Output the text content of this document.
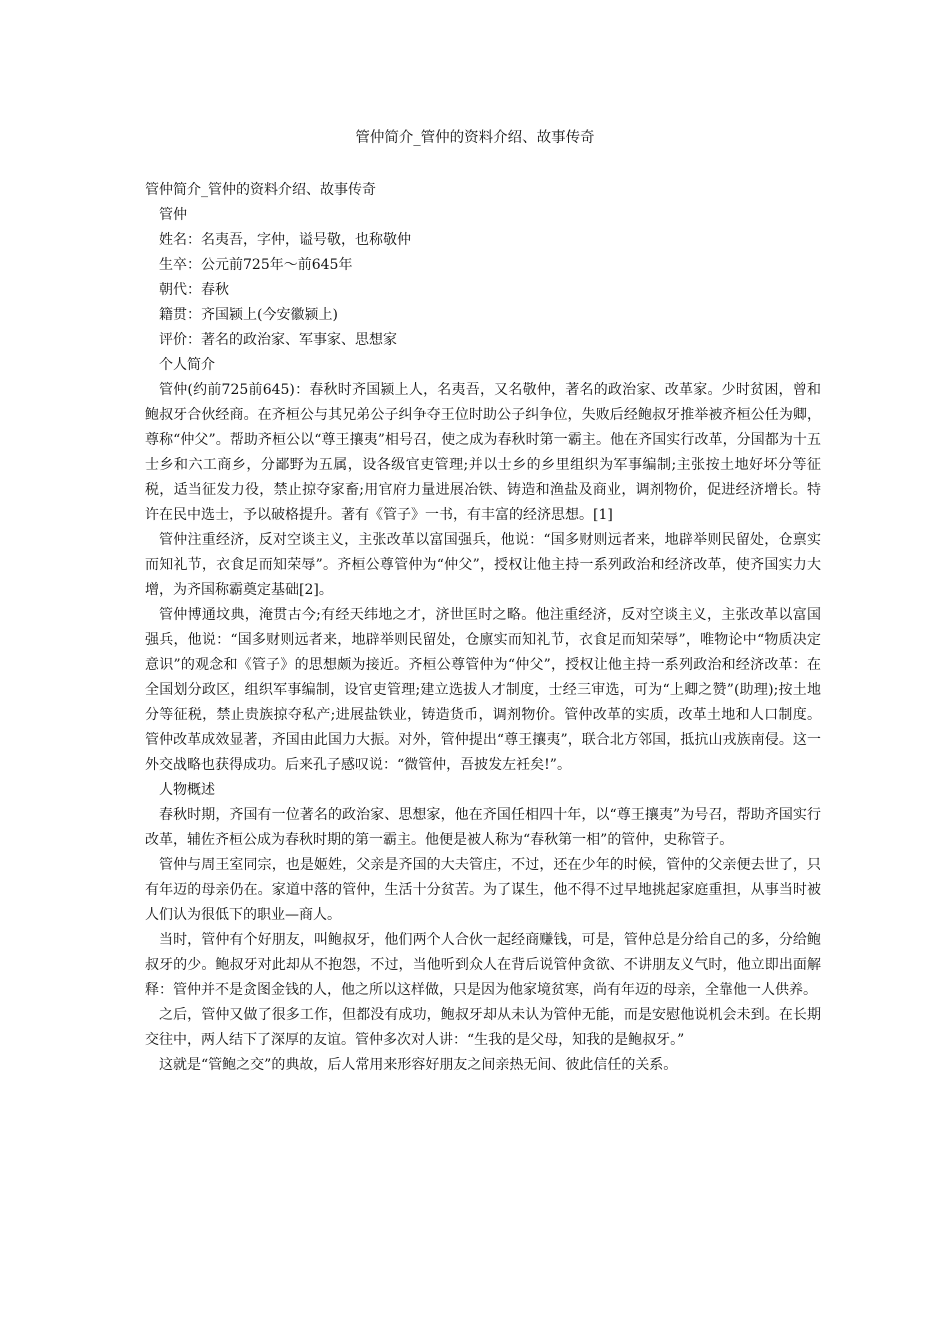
管仲简介_管仲的资料介绍、故事传奇

管仲简介_管仲的资料介绍、故事传奇

管仲

姓名：名夷吾，字仲，谥号敬，也称敬仲

生卒：公元前725年～前645年

朝代：春秋

籍贯：齐国颍上(今安徽颍上)

评价：著名的政治家、军事家、思想家

个人简介

管仲(约前725前645)：春秋时齐国颍上人，名夷吾，又名敬仲，著名的政治家、改革家。少时贫困，曾和鲍叔牙合伙经商。在齐桓公与其兄弟公子纠争夺王位时助公子纠争位，失败后经鲍叔牙推举被齐桓公任为卿，尊称“仲父”。帮助齐桓公以“尊王攘夷”相号召，使之成为春秋时第一霸主。他在齐国实行改革，分国都为十五士乡和六工商乡，分鄙野为五属，设各级官吏管理;并以士乡的乡里组织为军事编制;主张按土地好坏分等征税，适当征发力役，禁止掠夺家畜;用官府力量进展冶铁、铸造和渔盐及商业，调剂物价，促进经济增长。特许在民中选士，予以破格提升。著有《管子》一书，有丰富的经济思想。[1]

管仲注重经济，反对空谈主义，主张改革以富国强兵，他说：“国多财则远者来，地辟举则民留处，仓禀实而知礼节，衣食足而知荣辱”。齐桓公尊管仲为“仲父”，授权让他主持一系列政治和经济改革，使齐国实力大增，为齐国称霸奠定基础[2]。

管仲博通坟典，淹贯古今;有经天纬地之才，济世匡时之略。他注重经济，反对空谈主义，主张改革以富国强兵，他说：“国多财则远者来，地辟举则民留处，仓廪实而知礼节，衣食足而知荣辱”，唯物论中“物质决定意识”的观念和《管子》的思想颇为接近。齐桓公尊管仲为“仲父”，授权让他主持一系列政治和经济改革：在全国划分政区，组织军事编制，设官吏管理;建立选拔人才制度，士经三审选，可为“上卿之赞”(助理);按土地分等征税，禁止贵族掠夺私产;进展盐铁业，铸造货币，调剂物价。管仲改革的实质，改革土地和人口制度。管仲改革成效显著，齐国由此国力大振。对外，管仲提出“尊王攘夷”，联合北方邻国，抵抗山戎族南侵。这一外交战略也获得成功。后来孔子感叹说：“微管仲，吾披发左衽矣!”。

人物概述

春秋时期，齐国有一位著名的政治家、思想家，他在齐国任相四十年，以“尊王攘夷”为号召，帮助齐国实行改革，辅佐齐桓公成为春秋时期的第一霸主。他便是被人称为“春秋第一相”的管仲，史称管子。

管仲与周王室同宗，也是姬姓，父亲是齐国的大夫管庄，不过，还在少年的时候，管仲的父亲便去世了，只有年迈的母亲仍在。家道中落的管仲，生活十分贫苦。为了谋生，他不得不过早地挑起家庭重担，从事当时被人们认为很低下的职业—商人。

当时，管仲有个好朋友，叫鲍叔牙，他们两个人合伙一起经商赚钱，可是，管仲总是分给自己的多，分给鲍叔牙的少。鲍叔牙对此却从不抱怨，不过，当他听到众人在背后说管仲贪欲、不讲朋友义气时，他立即出面解释：管仲并不是贪图金钱的人，他之所以这样做，只是因为他家境贫寒，尚有年迈的母亲，全靠他一人供养。

之后，管仲又做了很多工作，但都没有成功，鲍叔牙却从未认为管仲无能，而是安慰他说机会未到。在长期交往中，两人结下了深厚的友谊。管仲多次对人讲：“生我的是父母，知我的是鲍叔牙。”

这就是“管鲍之交”的典故，后人常用来形容好朋友之间亲热无间、彼此信任的关系。
